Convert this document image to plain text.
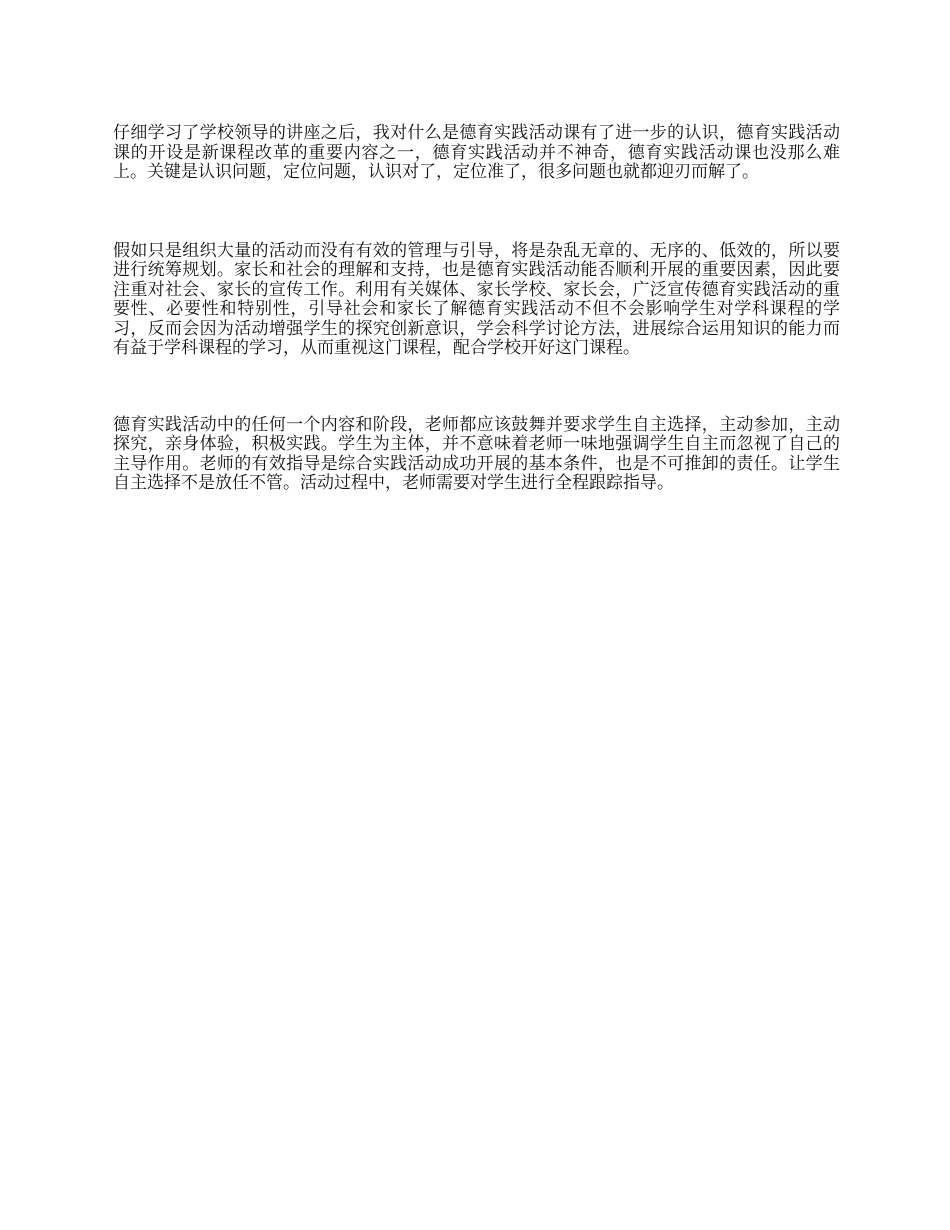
仔细学习了学校领导的讲座之后，我对什么是德育实践活动课有了进一步的认识，德育实践活动课的开设是新课程改革的重要内容之一，德育实践活动并不神奇，德育实践活动课也没那么难上。关键是认识问题，定位问题，认识对了，定位准了，很多问题也就都迎刃而解了。

假如只是组织大量的活动而没有有效的管理与引导，将是杂乱无章的、无序的、低效的，所以要进行统筹规划。家长和社会的理解和支持，也是德育实践活动能否顺利开展的重要因素，因此要注重对社会、家长的宣传工作。利用有关媒体、家长学校、家长会，广泛宣传德育实践活动的重要性、必要性和特别性，引导社会和家长了解德育实践活动不但不会影响学生对学科课程的学习，反而会因为活动增强学生的探究创新意识，学会科学讨论方法，进展综合运用知识的能力而有益于学科课程的学习，从而重视这门课程，配合学校开好这门课程。

德育实践活动中的任何一个内容和阶段，老师都应该鼓舞并要求学生自主选择，主动参加，主动探究，亲身体验，积极实践。学生为主体，并不意味着老师一味地强调学生自主而忽视了自己的主导作用。老师的有效指导是综合实践活动成功开展的基本条件，也是不可推卸的责任。让学生自主选择不是放任不管。活动过程中，老师需要对学生进行全程跟踪指导。
